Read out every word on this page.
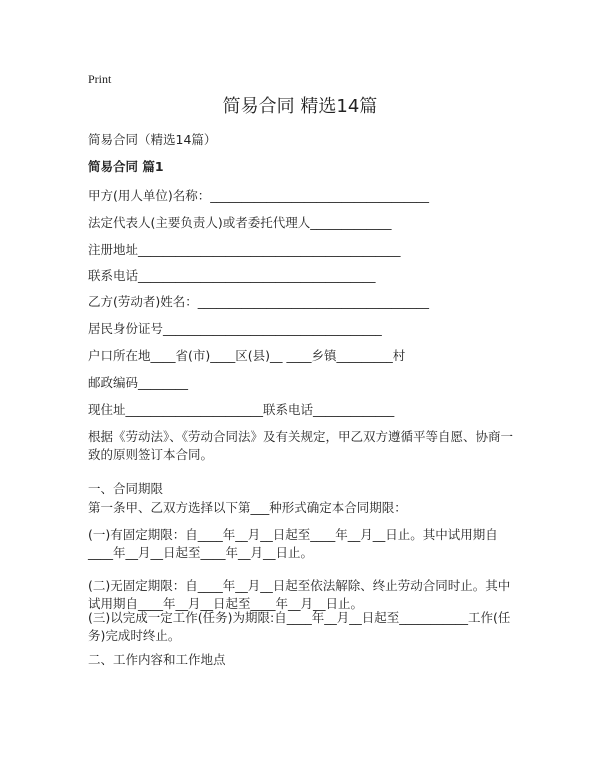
Print
简易合同 精选14篇
简易合同（精选14篇）
简易合同 篇1
甲方(用人单位)名称：___________________________________
法定代表人(主要负责人)或者委托代理人_____________
注册地址__________________________________________
联系电话______________________________________
乙方(劳动者)姓名：_____________________________________
居民身份证号___________________________________
户口所在地____省(市)____区(县)__ ____乡镇_________村
邮政编码________
现住址______________________联系电话_____________
根据《劳动法》、《劳动合同法》及有关规定，甲乙双方遵循平等自愿、协商一致的原则签订本合同。
一、合同期限
第一条甲、乙双方选择以下第___种形式确定本合同期限：
(一)有固定期限：自____年__月__日起至____年__月__日止。其中试用期自____年__月__日起至____年__月__日止。
(二)无固定期限：自____年__月__日起至依法解除、终止劳动合同时止。其中试用期自____年__月__日起至____年__月__日止。
(三)以完成一定工作(任务)为期限:自____年__月__日起至___________工作(任务)完成时终止。
二、工作内容和工作地点
